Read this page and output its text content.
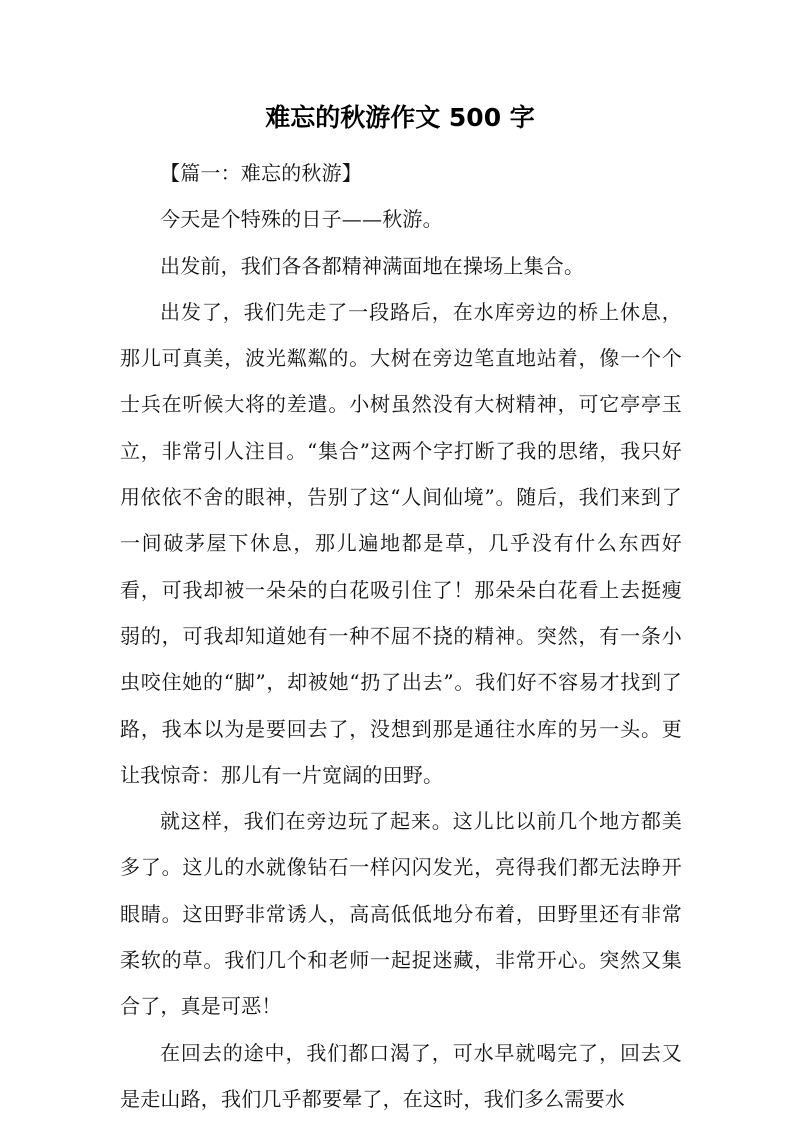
难忘的秋游作文 500 字

【篇一：难忘的秋游】

今天是个特殊的日子——秋游。

出发前，我们各各都精神满面地在操场上集合。

出发了，我们先走了一段路后，在水库旁边的桥上休息，那儿可真美，波光粼粼的。大树在旁边笔直地站着，像一个个士兵在听候大将的差遣。小树虽然没有大树精神，可它亭亭玉立，非常引人注目。“集合”这两个字打断了我的思绪，我只好用依依不舍的眼神，告别了这“人间仙境”。随后，我们来到了一间破茅屋下休息，那儿遍地都是草，几乎没有什么东西好看，可我却被一朵朵的白花吸引住了！那朵朵白花看上去挺瘦弱的，可我却知道她有一种不屈不挠的精神。突然，有一条小虫咬住她的“脚”，却被她“扔了出去”。我们好不容易才找到了路，我本以为是要回去了，没想到那是通往水库的另一头。更让我惊奇：那儿有一片宽阔的田野。

就这样，我们在旁边玩了起来。这儿比以前几个地方都美多了。这儿的水就像钻石一样闪闪发光，亮得我们都无法睁开眼睛。这田野非常诱人，高高低低地分布着，田野里还有非常柔软的草。我们几个和老师一起捉迷藏，非常开心。突然又集合了，真是可恶！

在回去的途中，我们都口渴了，可水早就喝完了，回去又是走山路，我们几乎都要晕了，在这时，我们多么需要水
